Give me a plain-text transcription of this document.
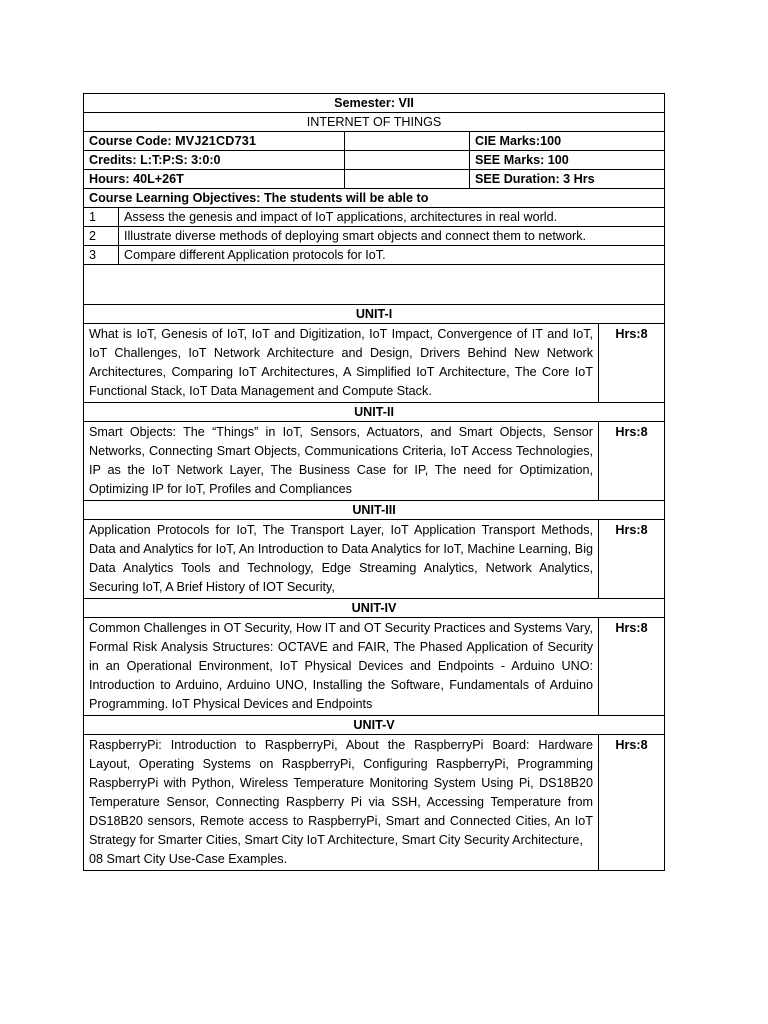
Semester: VII				
INTERNET OF THINGS				
Course Code: MVJ21CD731			CIE Marks:100	
Credits: L:T:P:S: 3:0:0			SEE Marks: 100	
Hours: 40L+26T			SEE Duration: 3 Hrs	
Course Learning Objectives: The students will be able to				
1	Assess the genesis and impact of IoT applications, architectures in real world.			
2	Illustrate diverse methods of deploying smart objects and connect them to network.			
3	Compare different Application protocols for IoT.			

UNIT-I				
What is IoT, Genesis of IoT, IoT and Digitization, IoT Impact, Convergence of IT and IoT, IoT Challenges, IoT Network Architecture and Design, Drivers Behind New Network Architectures, Comparing IoT Architectures, A Simplified IoT Architecture, The Core IoT Functional Stack, IoT Data Management and Compute Stack.				Hrs:8
UNIT-II				
Smart Objects: The “Things” in IoT, Sensors, Actuators, and Smart Objects, Sensor Networks, Connecting Smart Objects, Communications Criteria, IoT Access Technologies, IP as the IoT Network Layer, The Business Case for IP, The need for Optimization, Optimizing IP for IoT, Profiles and Compliances				Hrs:8
UNIT-III				
Application Protocols for IoT, The Transport Layer, IoT Application Transport Methods, Data and Analytics for IoT, An Introduction to Data Analytics for IoT, Machine Learning, Big Data Analytics Tools and Technology, Edge Streaming Analytics, Network Analytics, Securing IoT, A Brief History of IOT Security,				Hrs:8
UNIT-IV				
Common Challenges in OT Security, How IT and OT Security Practices and Systems Vary, Formal Risk Analysis Structures: OCTAVE and FAIR, The Phased Application of Security in an Operational Environment, IoT Physical Devices and Endpoints - Arduino UNO: Introduction to Arduino, Arduino UNO, Installing the Software, Fundamentals of Arduino Programming. IoT Physical Devices and Endpoints				Hrs:8
UNIT-V				

RaspberryPi: Introduction to RaspberryPi, About the RaspberryPi Board: Hardware Layout, Operating Systems on RaspberryPi, Configuring RaspberryPi, Programming RaspberryPi with Python, Wireless Temperature Monitoring System Using Pi, DS18B20 Temperature Sensor, Connecting Raspberry Pi via SSH, Accessing Temperature from DS18B20 sensors, Remote access to RaspberryPi, Smart and Connected Cities, An IoT Strategy for Smarter Cities, Smart City IoT Architecture, Smart City Security Architecture,
08 Smart City Use-Case Examples.				Hrs:8
